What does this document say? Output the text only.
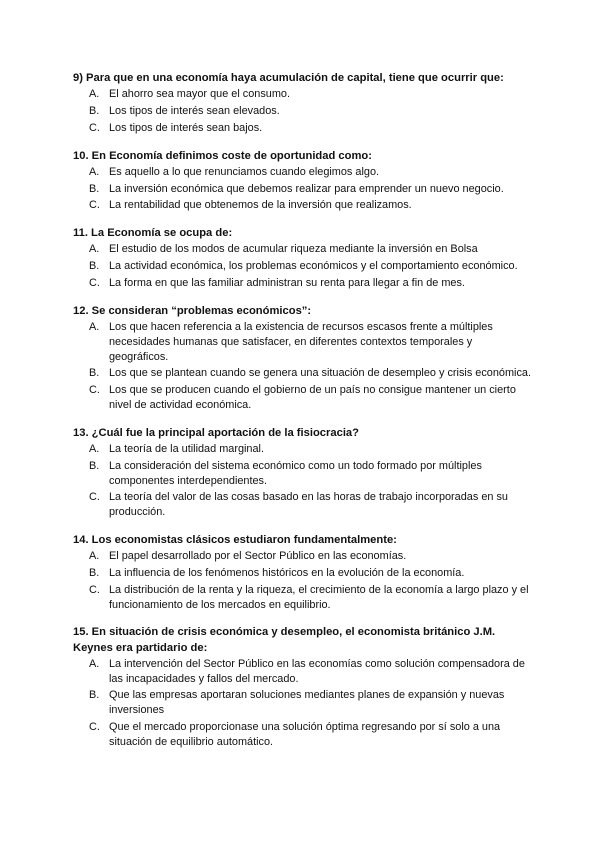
9) Para que en una economía haya acumulación de capital, tiene que ocurrir que:
A. El ahorro sea mayor que el consumo.
B. Los tipos de interés sean elevados.
C. Los tipos de interés sean bajos.
10. En Economía definimos coste de oportunidad como:
A. Es aquello a lo que renunciamos cuando elegimos algo.
B. La inversión económica que debemos realizar para emprender un nuevo negocio.
C. La rentabilidad que obtenemos de la inversión que realizamos.
11. La Economía se ocupa de:
A. El estudio de los modos de acumular riqueza mediante la inversión en Bolsa
B. La actividad económica, los problemas económicos y el comportamiento económico.
C. La forma en que las familiar administran su renta para llegar a fin de mes.
12. Se consideran “problemas económicos”:
A. Los que hacen referencia a la existencia de recursos escasos frente a múltiples necesidades humanas que satisfacer, en diferentes contextos temporales y geográficos.
B. Los que se plantean cuando se genera una situación de desempleo y crisis económica.
C. Los que se producen cuando el gobierno de un país no consigue mantener un cierto nivel de actividad económica.
13. ¿Cuál fue la principal aportación de la fisiocracia?
A. La teoría de la utilidad marginal.
B. La consideración del sistema económico como un todo formado por múltiples componentes interdependientes.
C. La teoría del valor de las cosas basado en las horas de trabajo incorporadas en su producción.
14. Los economistas clásicos estudiaron fundamentalmente:
A. El papel desarrollado por el Sector Público en las economías.
B. La influencia de los fenómenos históricos en la evolución de la economía.
C. La distribución de la renta y la riqueza, el crecimiento de la economía a largo plazo y el funcionamiento de los mercados en equilibrio.
15. En situación de crisis económica y desempleo, el economista británico J.M. Keynes era partidario de:
A. La intervención del Sector Público en las economías como solución compensadora de las incapacidades y fallos del mercado.
B. Que las empresas aportaran soluciones mediantes planes de expansión y nuevas inversiones
C. Que el mercado proporcionase una solución óptima regresando por sí solo a una situación de equilibrio automático.
